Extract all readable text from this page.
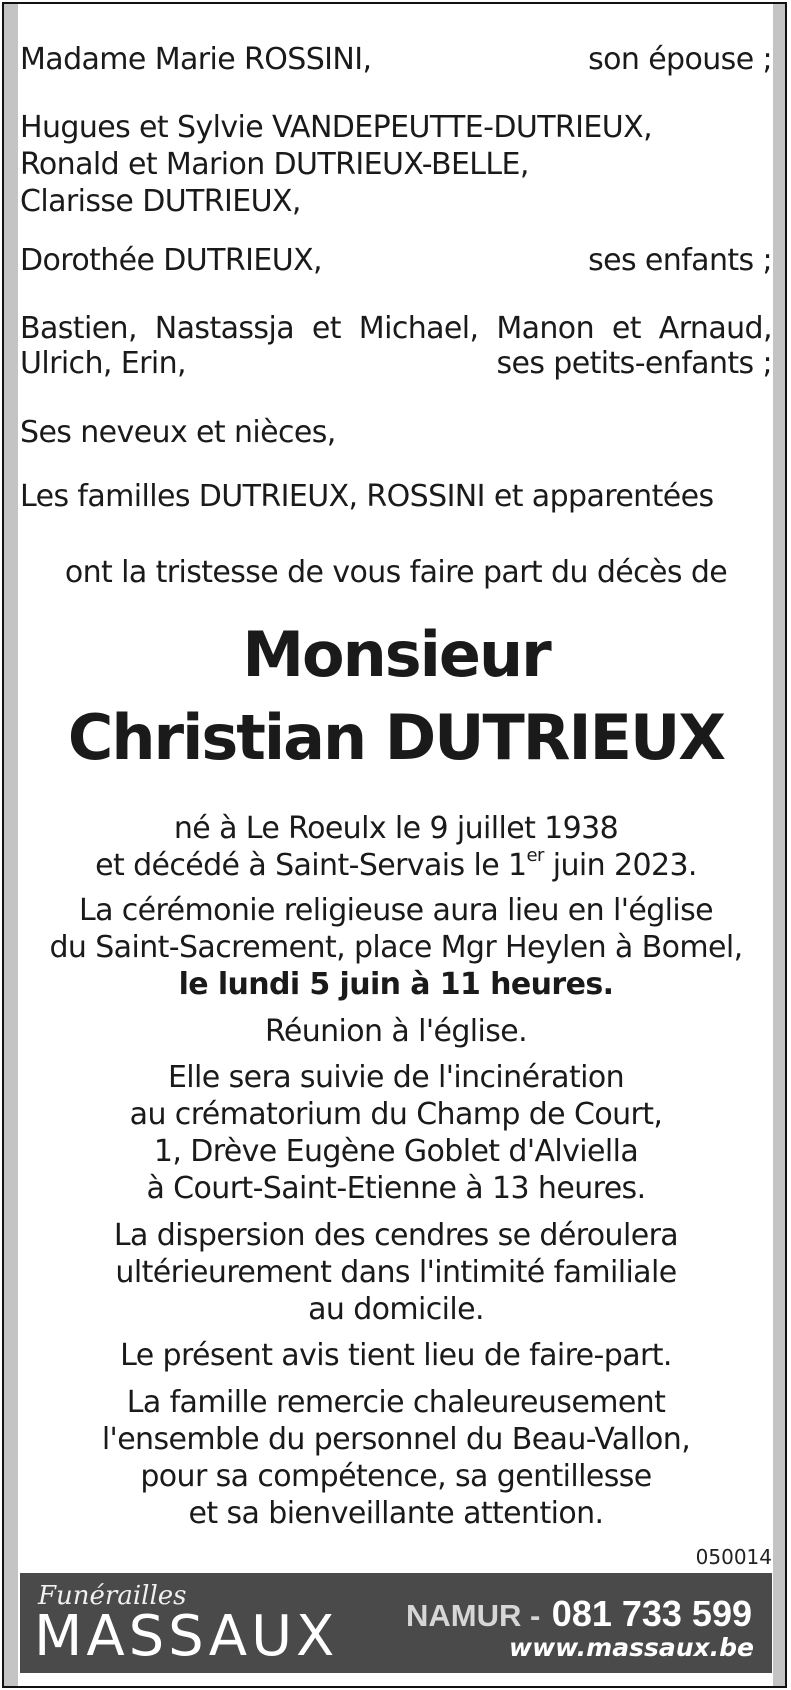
Madame Marie ROSSINI,	son épouse ;
Hugues et Sylvie VANDEPEUTTE-DUTRIEUX,
Ronald et Marion DUTRIEUX-BELLE,
Clarisse DUTRIEUX,
Dorothée DUTRIEUX,	ses enfants ;
Bastien, Nastassja et Michael, Manon et Arnaud,
Ulrich, Erin,	ses petits-enfants ;
Ses neveux et nièces,
Les familles DUTRIEUX, ROSSINI et apparentées
ont la tristesse de vous faire part du décès de
Monsieur
Christian DUTRIEUX
né à Le Roeulx le 9 juillet 1938
et décédé à Saint-Servais le 1er juin 2023.
La cérémonie religieuse aura lieu en l'église
du Saint-Sacrement, place Mgr Heylen à Bomel,
le lundi 5 juin à 11 heures.
Réunion à l'église.
Elle sera suivie de l'incinération
au crématorium du Champ de Court,
1, Drève Eugène Goblet d'Alviella
à Court-Saint-Etienne à 13 heures.
La dispersion des cendres se déroulera
ultérieurement dans l'intimité familiale
au domicile.
Le présent avis tient lieu de faire-part.
La famille remercie chaleureusement
l'ensemble du personnel du Beau-Vallon,
pour sa compétence, sa gentillesse
et sa bienveillante attention.
050014
Funérailles
MASSAUX NAMUR - 081 733 599
www.massaux.be
